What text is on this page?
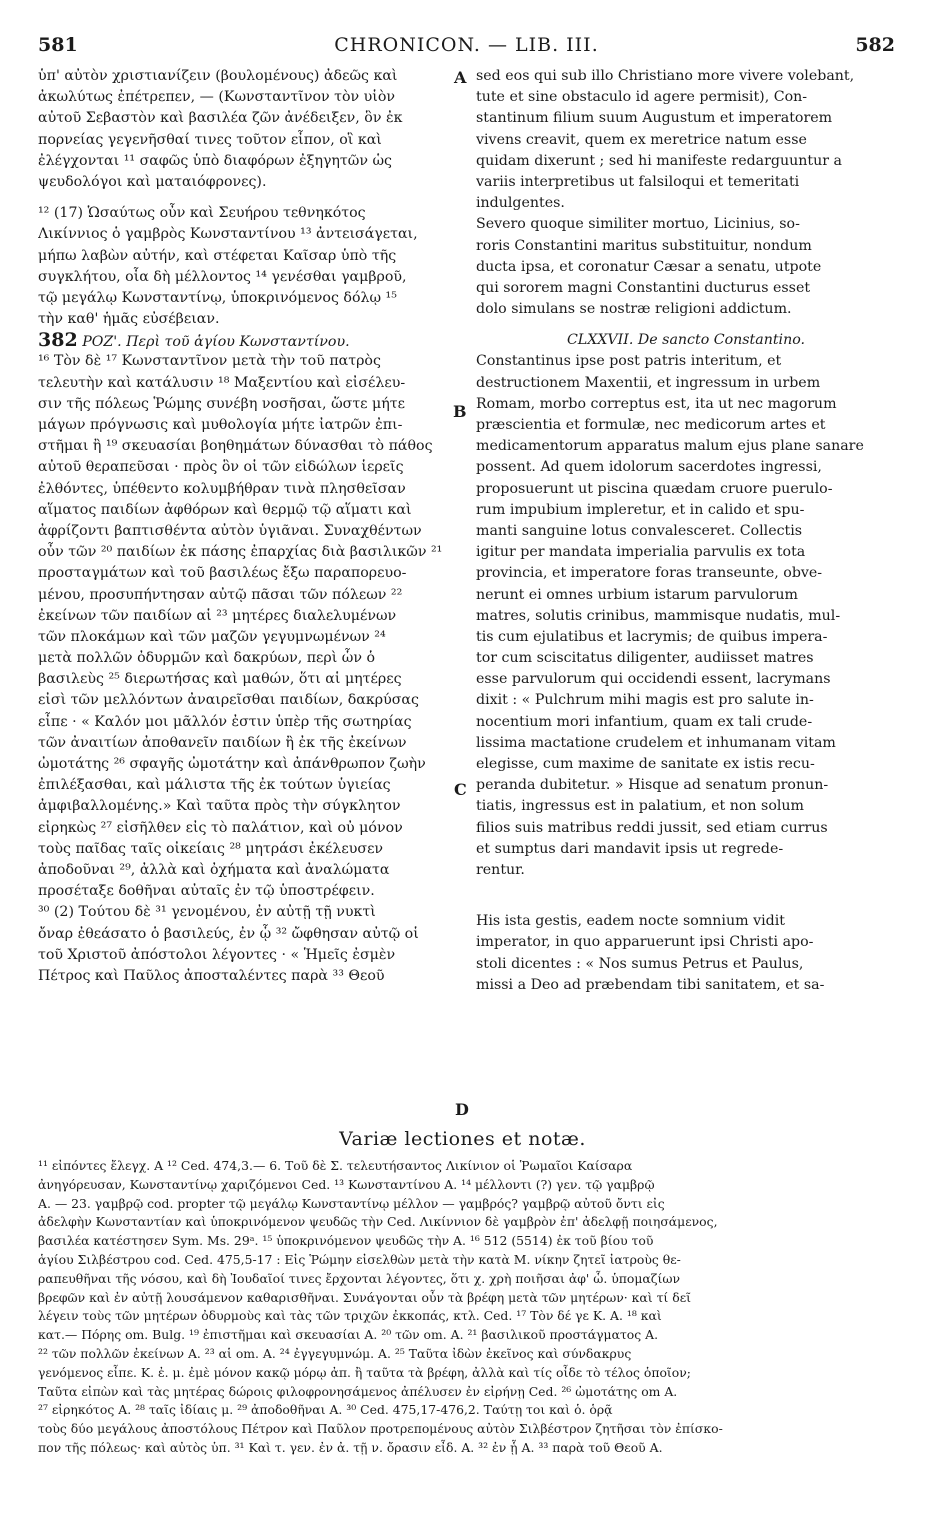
581	CHRONICON. — LIB. III.	582
A
B
C
D
ὑπ' αὐτὸν χριστιανίζειν (βουλομένους) ἀδεῶς καὶ
ἀκωλύτως ἐπέτρεπεν, — (Κωνσταντῖνον τὸν υἱὸν
αὐτοῦ Σεβαστὸν καὶ βασιλέα ζῶν ἀνέδειξεν, ὃν ἐκ
πορνείας γεγενῆσθαί τινες τοῦτον εἶπον, οἳ καὶ
ἐλέγχονται ¹¹ σαφῶς ὑπὸ διαφόρων ἐξηγητῶν ὡς
ψευδολόγοι καὶ ματαιόφρονες).
¹² (17) Ὡσαύτως οὖν καὶ Σευήρου τεθνηκότος
Λικίννιος ὁ γαμβρὸς Κωνσταντίνου ¹³ ἀντεισάγεται,
μήπω λαβὼν αὐτήν, καὶ στέφεται Καῖσαρ ὑπὸ τῆς
συγκλήτου, οἷα δὴ μέλλοντος ¹⁴ γενέσθαι γαμβροῦ,
τῷ μεγάλῳ Κωνσταντίνῳ, ὑποκρινόμενος δόλῳ ¹⁵
τὴν καθ' ἡμᾶς εὐσέβειαν.
382 ΡΟΖ'. Περὶ τοῦ ἁγίου Κωνσταντίνου.
¹⁶ Τὸν δὲ ¹⁷ Κωνσταντῖνον μετὰ τὴν τοῦ πατρὸς
τελευτὴν καὶ κατάλυσιν ¹⁸ Μαξεντίου καὶ εἰσέλευ-
σιν τῆς πόλεως Ῥώμης συνέβη νοσῆσαι, ὥστε μήτε
μάγων πρόγνωσις καὶ μυθολογία μήτε ἰατρῶν ἐπι-
στῆμαι ἢ ¹⁹ σκευασίαι βοηθημάτων δύνασθαι τὸ πάθος
αὐτοῦ θεραπεῦσαι · πρὸς ὃν οἱ τῶν εἰδώλων ἱερεῖς
ἐλθόντες, ὑπέθεντο κολυμβήθραν τινὰ πλησθεῖσαν
αἵματος παιδίων ἀφθόρων καὶ θερμῷ τῷ αἵματι καὶ
ἀφρίζοντι βαπτισθέντα αὐτὸν ὑγιᾶναι. Συναχθέντων
οὖν τῶν ²⁰ παιδίων ἐκ πάσης ἐπαρχίας διὰ βασιλικῶν ²¹
προσταγμάτων καὶ τοῦ βασιλέως ἔξω παραπορευο-
μένου, προσυπήντησαν αὐτῷ πᾶσαι τῶν πόλεων ²²
ἐκείνων τῶν παιδίων αἱ ²³ μητέρες διαλελυμένων
τῶν πλοκάμων καὶ τῶν μαζῶν γεγυμνωμένων ²⁴
μετὰ πολλῶν ὀδυρμῶν καὶ δακρύων, περὶ ὧν ὁ
βασιλεὺς ²⁵ διερωτήσας καὶ μαθών, ὅτι αἱ μητέρες
εἰσὶ τῶν μελλόντων ἀναιρεῖσθαι παιδίων, δακρύσας
εἶπε · « Καλόν μοι μᾶλλόν ἐστιν ὑπὲρ τῆς σωτηρίας
τῶν ἀναιτίων ἀποθανεῖν παιδίων ἢ ἐκ τῆς ἐκείνων
ὠμοτάτης ²⁶ σφαγῆς ὠμοτάτην καὶ ἀπάνθρωπον ζωὴν
ἐπιλέξασθαι, καὶ μάλιστα τῆς ἐκ τούτων ὑγιείας
ἀμφιβαλλομένης.» Καὶ ταῦτα πρὸς τὴν σύγκλητον
εἰρηκὼς ²⁷ εἰσῆλθεν εἰς τὸ παλάτιον, καὶ οὐ μόνον
τοὺς παῖδας ταῖς οἰκείαις ²⁸ μητράσι ἐκέλευσεν
ἀποδοῦναι ²⁹, ἀλλὰ καὶ ὀχήματα καὶ ἀναλώματα
προσέταξε δοθῆναι αὐταῖς ἐν τῷ ὑποστρέφειν.
³⁰ (2) Τούτου δὲ ³¹ γενομένου, ἐν αὐτῇ τῇ νυκτὶ
ὄναρ ἐθεάσατο ὁ βασιλεύς, ἐν ᾧ ³² ὤφθησαν αὐτῷ οἱ
τοῦ Χριστοῦ ἀπόστολοι λέγοντες · « Ἡμεῖς ἐσμὲν
Πέτρος καὶ Παῦλος ἀποσταλέντες παρὰ ³³ Θεοῦ
sed eos qui sub illo Christiano more vivere volebant,
tute et sine obstaculo id agere permisit), Con-
stantinum filium suum Augustum et imperatorem
vivens creavit, quem ex meretrice natum esse
quidam dixerunt ; sed hi manifeste redarguuntur a
variis interpretibus ut falsiloqui et temeritati
indulgentes.
Severo quoque similiter mortuo, Licinius, so-
roris Constantini maritus substituitur, nondum
ducta ipsa, et coronatur Cæsar a senatu, utpote
qui sororem magni Constantini ducturus esset
dolo simulans se nostræ religioni addictum.
CLXXVII. De sancto Constantino.
Constantinus ipse post patris interitum, et
destructionem Maxentii, et ingressum in urbem
Romam, morbo correptus est, ita ut nec magorum
præscientia et formulæ, nec medicorum artes et
medicamentorum apparatus malum ejus plane sanare
possent. Ad quem idolorum sacerdotes ingressi,
proposuerunt ut piscina quædam cruore puerulo-
rum impubium impleretur, et in calido et spu-
manti sanguine lotus convalesceret. Collectis
igitur per mandata imperialia parvulis ex tota
provincia, et imperatore foras transeunte, obve-
nerunt ei omnes urbium istarum parvulorum
matres, solutis crinibus, mammisque nudatis, mul-
tis cum ejulatibus et lacrymis; de quibus impera-
tor cum sciscitatus diligenter, audiisset matres
esse parvulorum qui occidendi essent, lacrymans
dixit : « Pulchrum mihi magis est pro salute in-
nocentium mori infantium, quam ex tali crude-
lissima mactatione crudelem et inhumanam vitam
elegisse, cum maxime de sanitate ex istis recu-
peranda dubitetur. » Hisque ad senatum pronun-
tiatis, ingressus est in palatium, et non solum
filios suis matribus reddi jussit, sed etiam currus
et sumptus dari mandavit ipsis ut regrede-
rentur.
His ista gestis, eadem nocte somnium vidit
imperator, in quo apparuerunt ipsi Christi apo-
stoli dicentes : « Nos sumus Petrus et Paulus,
missi a Deo ad præbendam tibi sanitatem, et sa-
Variæ lectiones et notæ.
¹¹ εἰπόντες ἔλεγχ. A ¹² Ced. 474,3.— 6. Τοῦ δὲ Σ. τελευτήσαντος Λικίνιον οἱ Ῥωμαῖοι Καίσαρα
ἀνηγόρευσαν, Κωνσταντίνῳ χαριζόμενοι Ced. ¹³ Κωνσταντίνου A. ¹⁴ μέλλοντι (?) γεν. τῷ γαμβρῷ
A. — 23. γαμβρῷ cod. propter τῷ μεγάλῳ Κωνσταντίνῳ μέλλον — γαμβρός? γαμβρῷ αὐτοῦ ὄντι εἰς
ἀδελφὴν Κωνσταντίαν καὶ ὑποκρινόμενον ψευδῶς τὴν Ced. Λικίννιον δὲ γαμβρὸν ἐπ' ἀδελφῇ ποιησάμενος,
βασιλέα κατέστησεν Sym. Ms. 29ᵃ. ¹⁵ ὑποκρινόμενον ψευδῶς τὴν A. ¹⁶ 512 (5514) ἐκ τοῦ βίου τοῦ
ἁγίου Σιλβέστρου cod. Ced. 475,5-17 : Εἰς Ῥώμην εἰσελθὼν μετὰ τὴν κατὰ M. νίκην ζητεῖ ἰατροὺς θε-
ραπευθῆναι τῆς νόσου, καὶ δὴ Ἰουδαῖοί τινες ἔρχονται λέγοντες, ὅτι χ. χρὴ ποιῆσαι ἀφ' ὧ. ὑπομαζίων
βρεφῶν καὶ ἐν αὐτῇ λουσάμενον καθαρισθῆναι. Συνάγονται οὖν τὰ βρέφη μετὰ τῶν μητέρων· καὶ τί δεῖ
λέγειν τοὺς τῶν μητέρων ὀδυρμοὺς καὶ τὰς τῶν τριχῶν ἐκκοπάς, κτλ. Ced. ¹⁷ Τὸν δέ γε K. A. ¹⁸ καὶ
κατ.— Πόρης om. Bulg. ¹⁹ ἐπιστῆμαι καὶ σκευασίαι A. ²⁰ τῶν om. A. ²¹ βασιλικοῦ προστάγματος A.
²² τῶν πολλῶν ἐκείνων A. ²³ αἱ om. A. ²⁴ ἐγγεγυμνώμ. A. ²⁵ Ταῦτα ἰδὼν ἐκεῖνος καὶ σύνδακρυς
γενόμενος εἶπε. K. ἐ. μ. ἐμὲ μόνον κακῷ μόρῳ ἀπ. ἢ ταῦτα τὰ βρέφη, ἀλλὰ καὶ τίς οἶδε τὸ τέλος ὁποῖον;
Ταῦτα εἰπὼν καὶ τὰς μητέρας δώροις φιλοφρονησάμενος ἀπέλυσεν ἐν εἰρήνῃ Ced. ²⁶ ὠμοτάτης om A.
²⁷ εἰρηκότος A. ²⁸ ταῖς ἰδίαις μ. ²⁹ ἀποδοθῆναι A. ³⁰ Ced. 475,17-476,2. Ταύτῃ τοι καὶ ὁ. ὁρᾷ
τοὺς δύο μεγάλους ἀποστόλους Πέτρον καὶ Παῦλον προτρεπομένους αὐτὸν Σιλβέστρον ζητῆσαι τὸν ἐπίσκο-
πον τῆς πόλεως· καὶ αὐτὸς ὑπ. ³¹ Καὶ τ. γεν. ἐν ἀ. τῇ ν. ὄρασιν εἶδ. A. ³² ἐν ᾗ A. ³³ παρὰ τοῦ Θεοῦ A.
